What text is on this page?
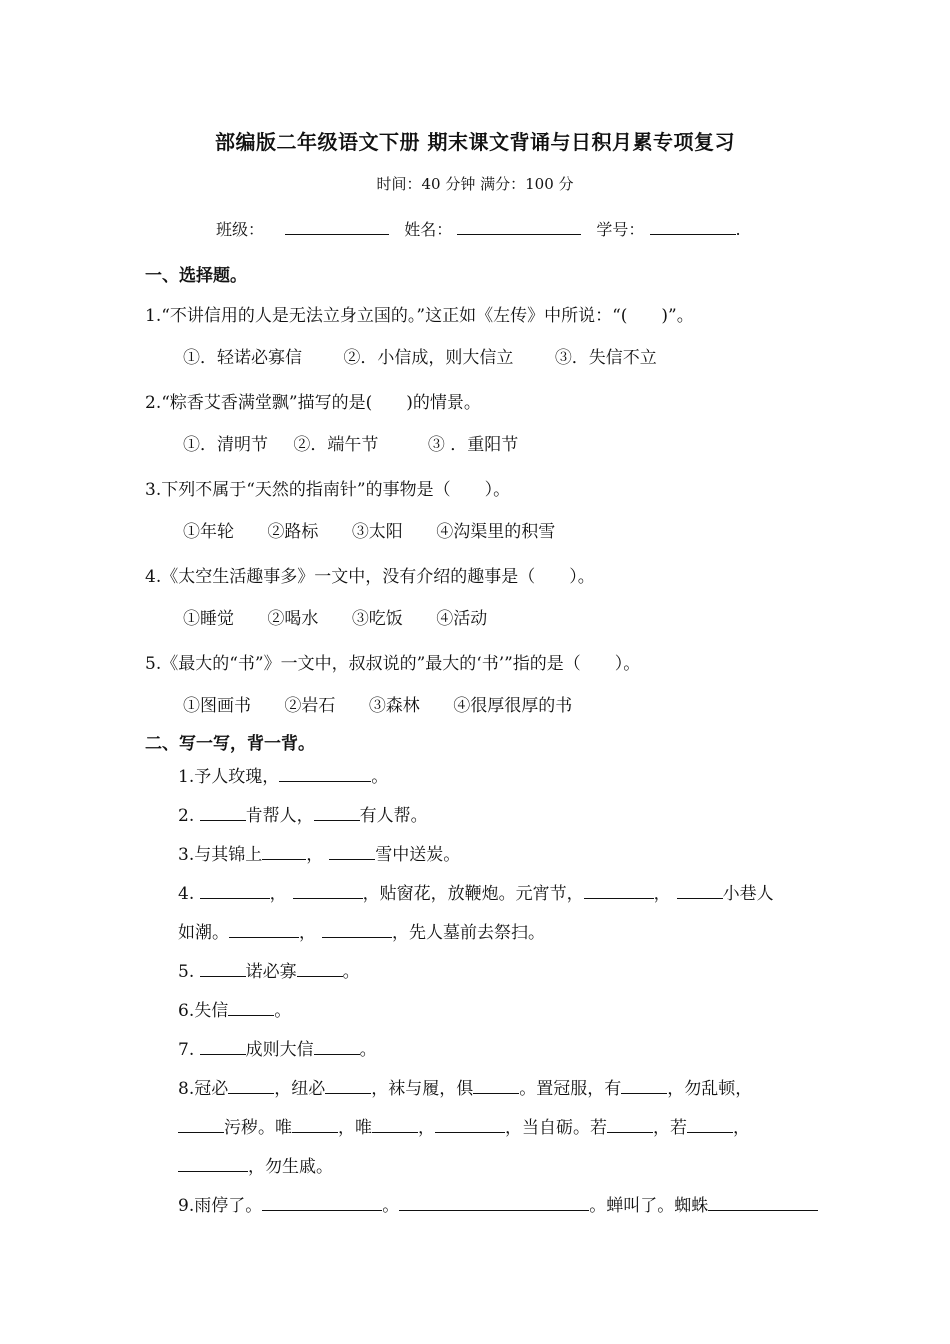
部编版二年级语文下册 期末课文背诵与日积月累专项复习
时间：40 分钟 满分：100 分
班级：	姓名：	学号：	.
一、选择题。
1.“不讲信用的人是无法立身立国的。”这正如《左传》中所说：“(　　)”。
①．轻诺必寡信 ②．小信成，则大信立 ③．失信不立
2.“粽香艾香满堂飘”描写的是(　　)的情景。
①．清明节 ②．端午节	③ ．重阳节
3.下列不属于“天然的指南针”的事物是（　　）。
①年轮 ②路标 ③太阳 ④沟渠里的积雪
4.《太空生活趣事多》一文中，没有介绍的趣事是（　　）。
①睡觉 ②喝水 ③吃饭 ④活动
5.《最大的“书”》一文中，叔叔说的”最大的‘书’”指的是（　　）。
①图画书 ②岩石 ③森林 ④很厚很厚的书
二、写一写，背一背。
1.予人玫瑰，	。
2.	肯帮人，	有人帮。
3.与其锦上	，	雪中送炭。
4.	，	，贴窗花，放鞭炮。元宵节，	，	小巷人
如潮。	，	，先人墓前去祭扫。
5.	诺必寡	。
6.失信	。
7.	成则大信	。
8.冠必	，纽必	，袜与履，俱	。置冠服，有	，勿乱顿，
污秽。唯	，唯	，	，当自砺。若	，若	，
，勿生戚。
9.雨停了。	。	。蝉叫了。蜘蛛
